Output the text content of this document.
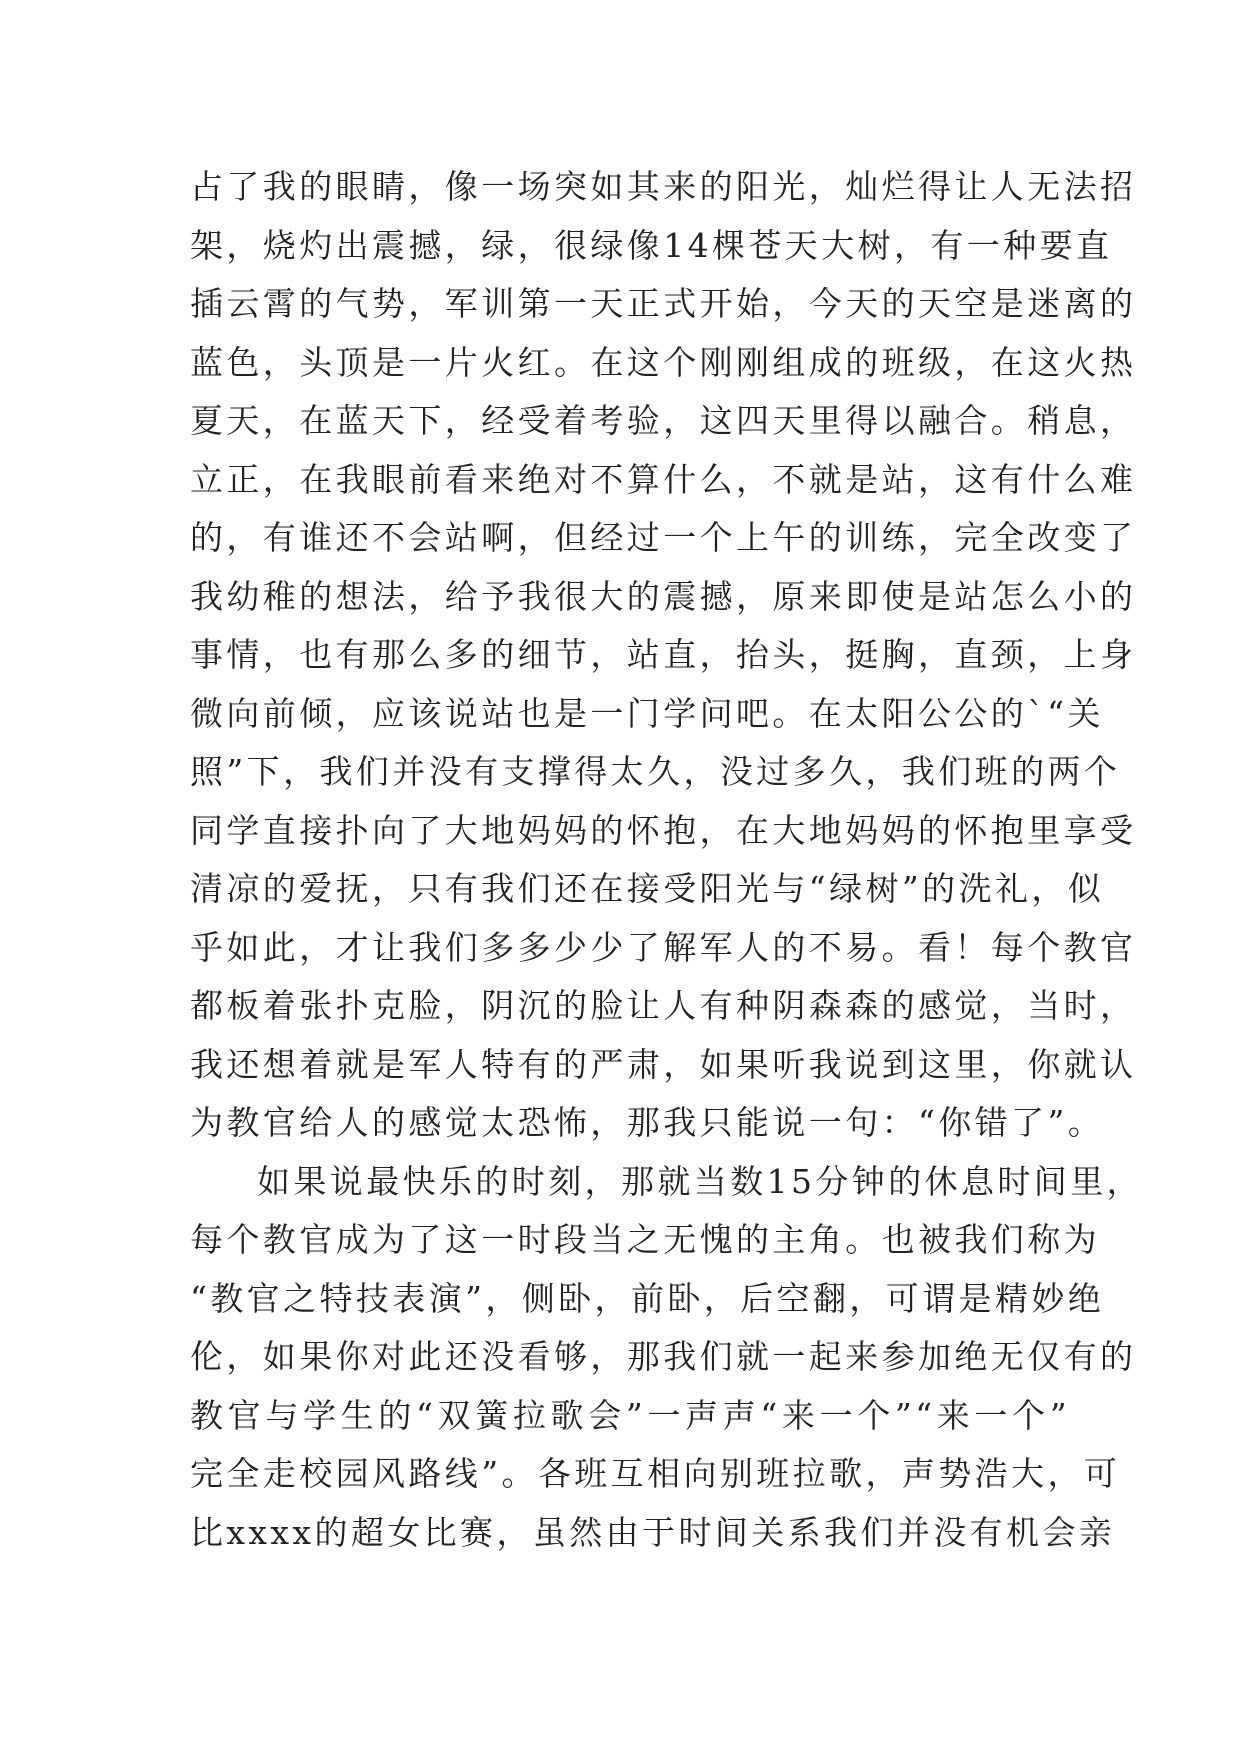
占了我的眼睛，像一场突如其来的阳光，灿烂得让人无法招
架，烧灼出震撼，绿，很绿像14棵苍天大树，有一种要直
插云霄的气势，军训第一天正式开始，今天的天空是迷离的
蓝色，头顶是一片火红。在这个刚刚组成的班级，在这火热
夏天，在蓝天下，经受着考验，这四天里得以融合。稍息，
立正，在我眼前看来绝对不算什么，不就是站，这有什么难
的，有谁还不会站啊，但经过一个上午的训练，完全改变了
我幼稚的想法，给予我很大的震撼，原来即使是站怎么小的
事情，也有那么多的细节，站直，抬头，挺胸，直颈，上身
微向前倾，应该说站也是一门学问吧。在太阳公公的`“关
照”下，我们并没有支撑得太久，没过多久，我们班的两个
同学直接扑向了大地妈妈的怀抱，在大地妈妈的怀抱里享受
清凉的爱抚，只有我们还在接受阳光与“绿树”的洗礼，似
乎如此，才让我们多多少少了解军人的不易。看！每个教官
都板着张扑克脸，阴沉的脸让人有种阴森森的感觉，当时，
我还想着就是军人特有的严肃，如果听我说到这里，你就认
为教官给人的感觉太恐怖，那我只能说一句：“你错了”。
如果说最快乐的时刻，那就当数15分钟的休息时间里，
每个教官成为了这一时段当之无愧的主角。也被我们称为
“教官之特技表演”，侧卧，前卧，后空翻，可谓是精妙绝
伦，如果你对此还没看够，那我们就一起来参加绝无仅有的
教官与学生的“双簧拉歌会”一声声“来一个”“来一个”
完全走校园风路线”。各班互相向别班拉歌，声势浩大，可
比xxxx的超女比赛，虽然由于时间关系我们并没有机会亲
